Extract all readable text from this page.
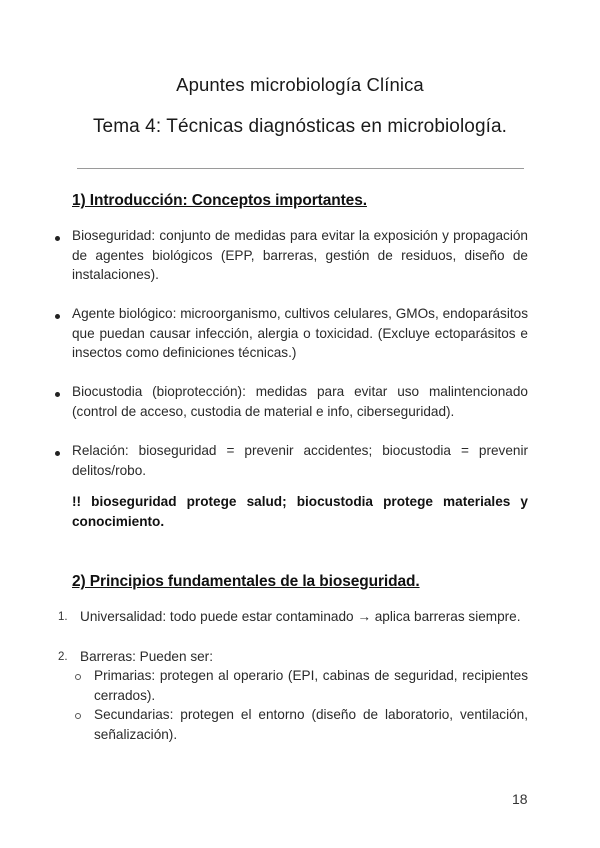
Apuntes microbiología Clínica
Tema 4: Técnicas diagnósticas en microbiología.
1) Introducción: Conceptos importantes.
Bioseguridad: conjunto de medidas para evitar la exposición y propagación de agentes biológicos (EPP, barreras, gestión de residuos, diseño de instalaciones).
Agente biológico: microorganismo, cultivos celulares, GMOs, endoparásitos que puedan causar infección, alergia o toxicidad. (Excluye ectoparásitos e insectos como definiciones técnicas.)
Biocustodia (bioprotección): medidas para evitar uso malintencionado (control de acceso, custodia de material e info, ciberseguridad).
Relación: bioseguridad = prevenir accidentes; biocustodia = prevenir delitos/robo.
!! bioseguridad protege salud; biocustodia protege materiales y conocimiento.
2) Principios fundamentales de la bioseguridad.
1. Universalidad: todo puede estar contaminado → aplica barreras siempre.
2. Barreras: Pueden ser:
Primarias: protegen al operario (EPI, cabinas de seguridad, recipientes cerrados).
Secundarias: protegen el entorno (diseño de laboratorio, ventilación, señalización).
18
